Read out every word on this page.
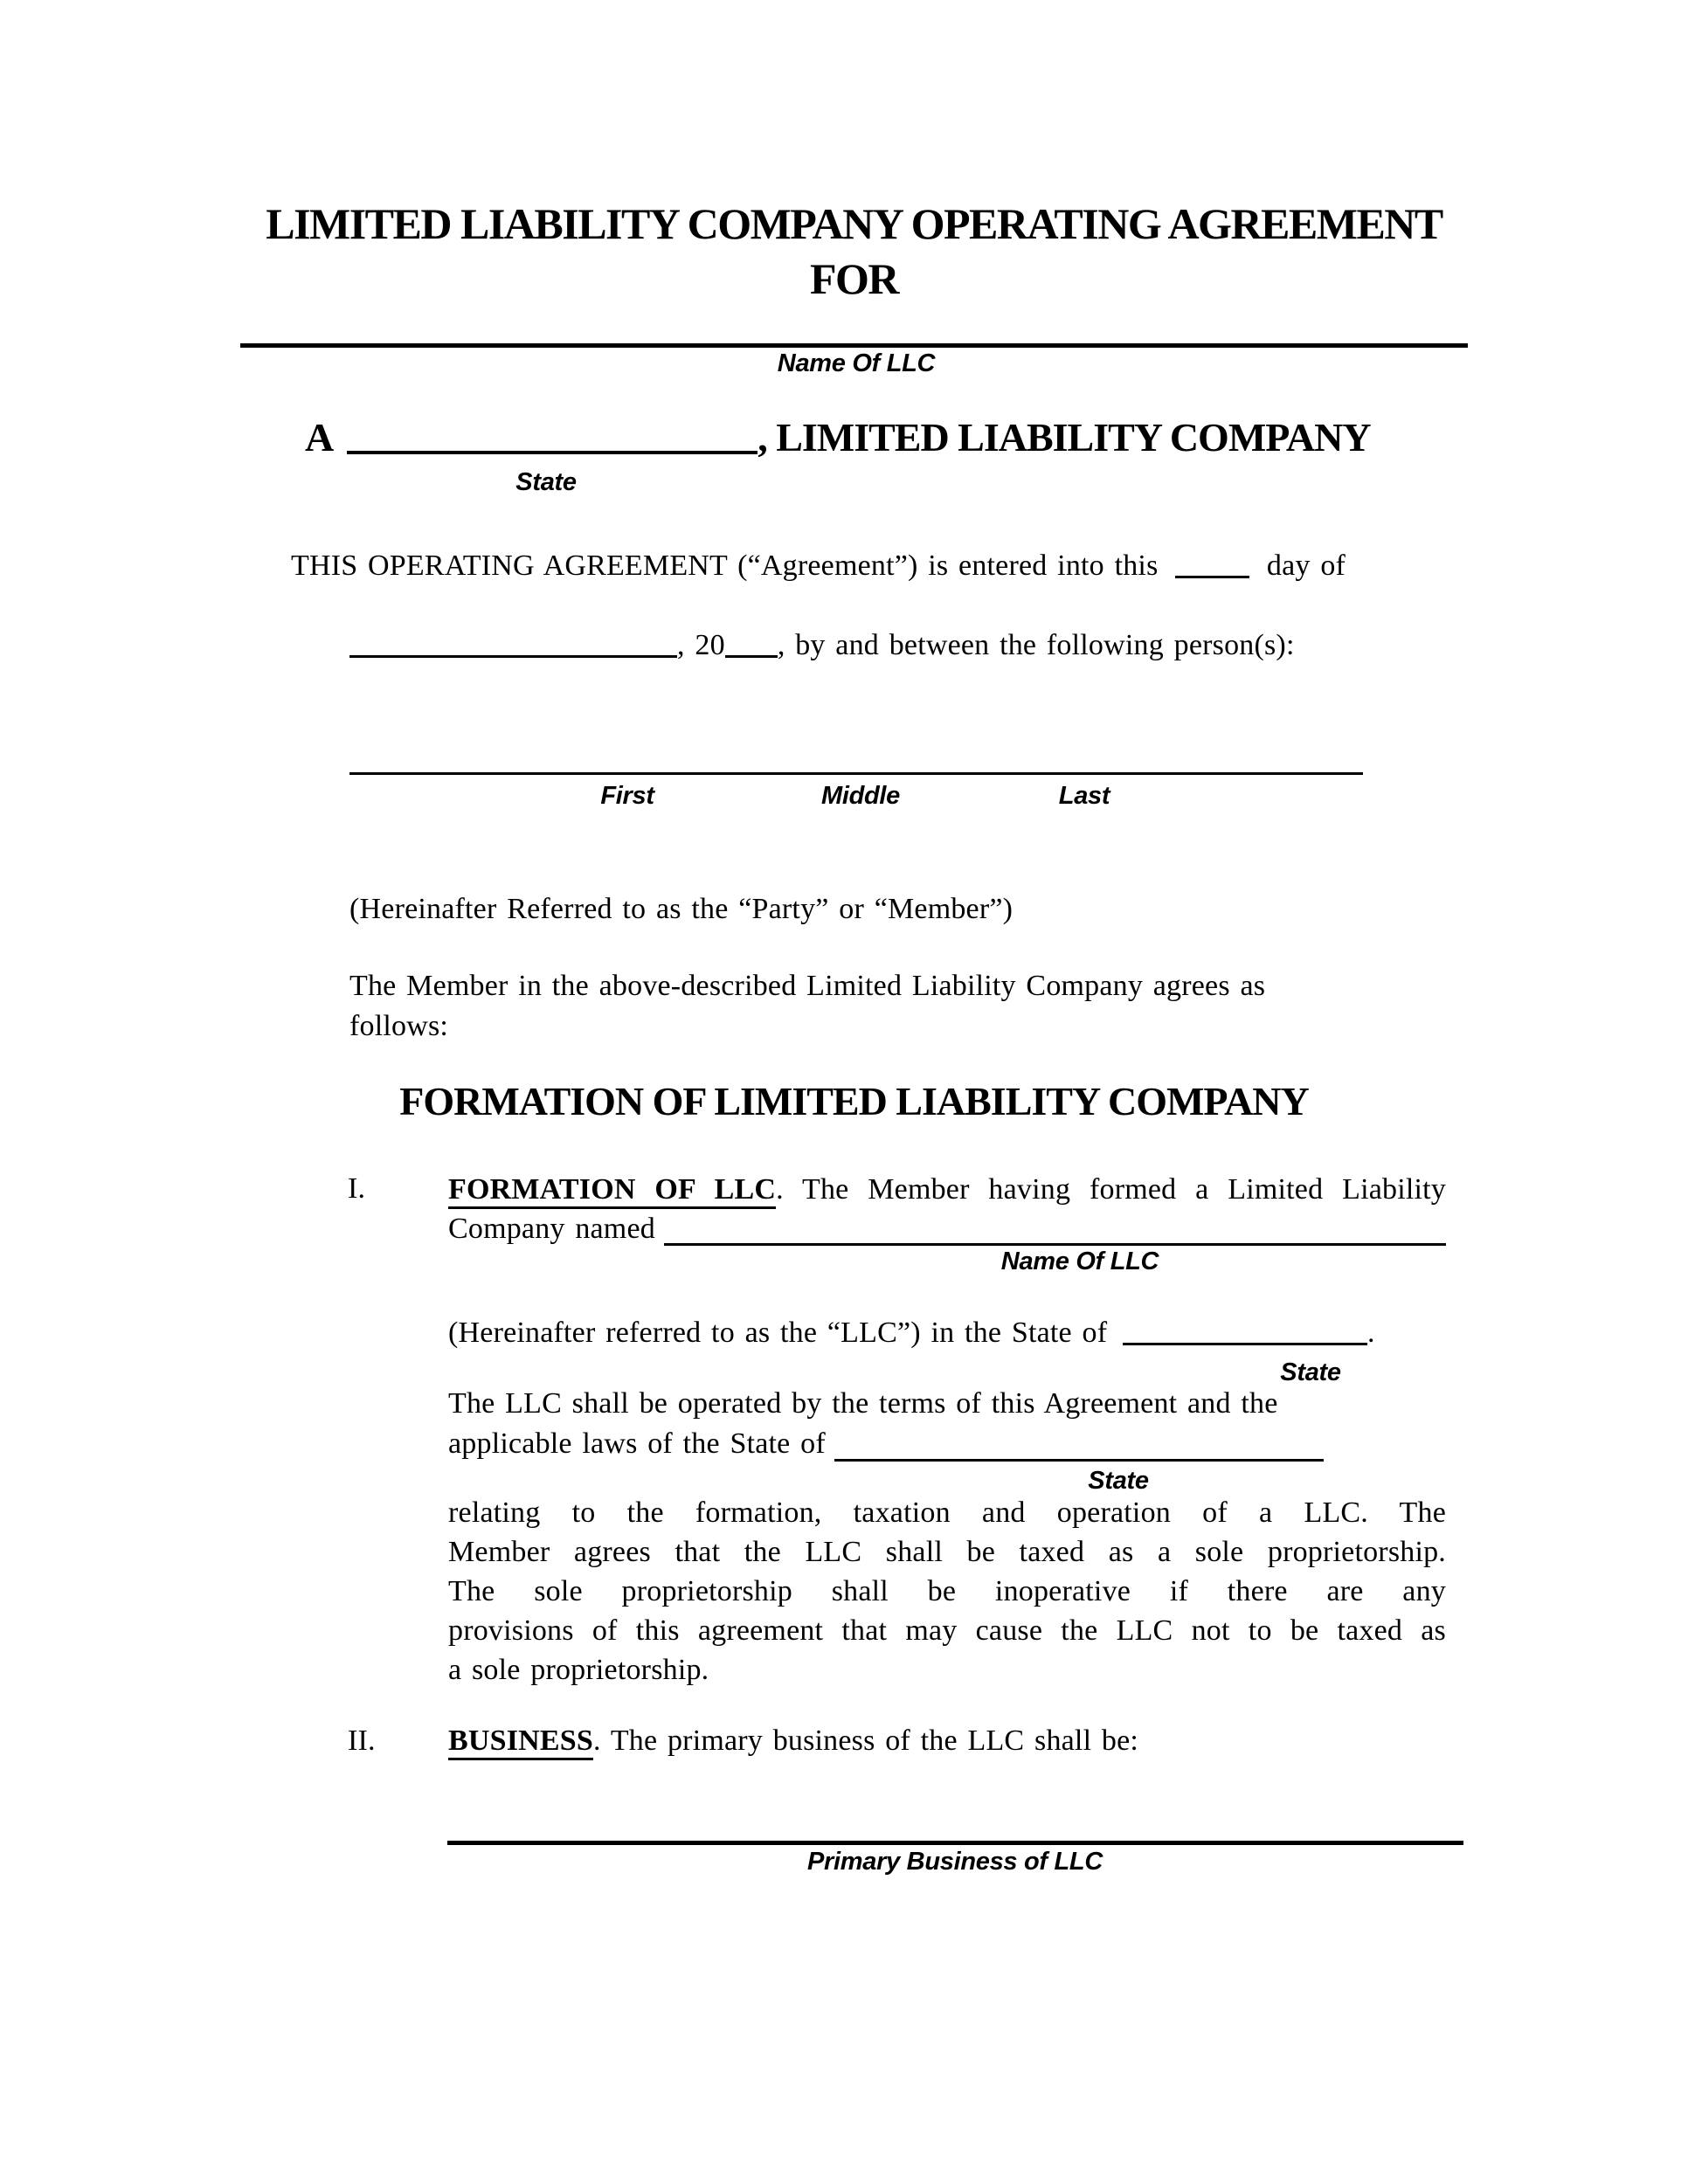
LIMITED LIABILITY COMPANY OPERATING AGREEMENT
FOR
Name Of LLC
A	, LIMITED LIABILITY COMPANY
State
THIS OPERATING AGREEMENT (“Agreement”) is entered into this	day of
, 20 , by and between the following person(s):
First	Middle	Last
(Hereinafter Referred to as the “Party” or “Member”)
The Member in the above-described Limited Liability Company agrees as
follows:
FORMATION OF LIMITED LIABILITY COMPANY
I.	FORMATION OF LLC. The Member having formed a Limited Liability
Company named
Name Of LLC
(Hereinafter referred to as the “LLC”) in the State of	.
State
The LLC shall be operated by the terms of this Agreement and the
applicable laws of the State of
State
relating to the formation, taxation and operation of a LLC. The
Member agrees that the LLC shall be taxed as a sole proprietorship.
The sole proprietorship shall be inoperative if there are any
provisions of this agreement that may cause the LLC not to be taxed as
a sole proprietorship.
II. BUSINESS. The primary business of the LLC shall be:
Primary Business of LLC
